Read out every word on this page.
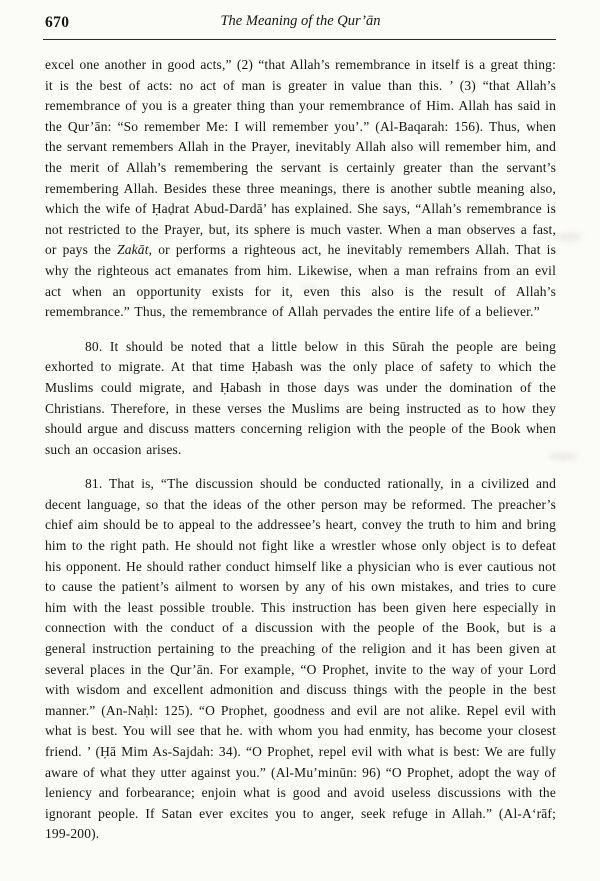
670	The Meaning of the Qur’ān

excel one another in good acts,” (2) “that Allah’s remembrance in itself is a great thing: it is the best of acts: no act of man is greater in value than this. ’ (3) “that Allah’s remembrance of you is a greater thing than your remembrance of Him. Allah has said in the Qur’ān: “So remember Me: I will remember you’.” (Al-Baqarah: 156). Thus, when the servant remembers Allah in the Prayer, inevitably Allah also will remember him, and the merit of Allah’s remembering the servant is certainly greater than the servant’s remembering Allah. Besides these three meanings, there is another subtle meaning also, which the wife of Ḥaḍrat Abud-Dardā’ has explained. She says, “Allah’s remembrance is not restricted to the Prayer, but, its sphere is much vaster. When a man observes a fast, or pays the Zakāt, or performs a righteous act, he inevitably remembers Allah. That is why the righteous act emanates from him. Likewise, when a man refrains from an evil act when an opportunity exists for it, even this also is the result of Allah’s remembrance.” Thus, the remembrance of Allah pervades the entire life of a believer.”

80. It should be noted that a little below in this Sūrah the people are being exhorted to migrate. At that time Ḥabash was the only place of safety to which the Muslims could migrate, and Ḥabash in those days was under the domination of the Christians. Therefore, in these verses the Muslims are being instructed as to how they should argue and discuss matters concerning religion with the people of the Book when such an occasion arises.

81. That is, “The discussion should be conducted rationally, in a civilized and decent language, so that the ideas of the other person may be reformed. The preacher’s chief aim should be to appeal to the addressee’s heart, convey the truth to him and bring him to the right path. He should not fight like a wrestler whose only object is to defeat his opponent. He should rather conduct himself like a physician who is ever cautious not to cause the patient’s ailment to worsen by any of his own mistakes, and tries to cure him with the least possible trouble. This instruction has been given here especially in connection with the conduct of a discussion with the people of the Book, but is a general instruction pertaining to the preaching of the religion and it has been given at several places in the Qur’ān. For example, “O Prophet, invite to the way of your Lord with wisdom and excellent admonition and discuss things with the people in the best manner.” (An-Naḥl: 125). “O Prophet, goodness and evil are not alike. Repel evil with what is best. You will see that he. with whom you had enmity, has become your closest friend. ’ (Ḥā Mim As-Sajdah: 34). “O Prophet, repel evil with what is best: We are fully aware of what they utter against you.” (Al-Mu’minūn: 96) “O Prophet, adopt the way of leniency and forbearance; enjoin what is good and avoid useless discussions with the ignorant people. If Satan ever excites you to anger, seek refuge in Allah.” (Al-A‘rāf; 199-200).
